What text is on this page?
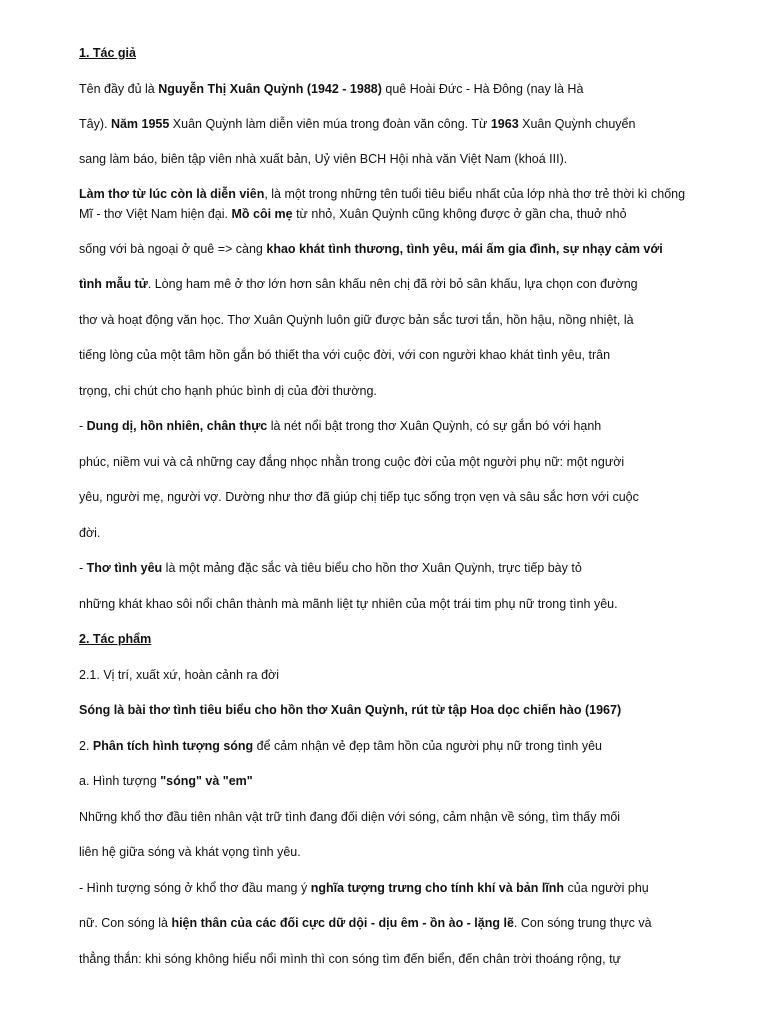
1. Tác giả
Tên đầy đủ là Nguyễn Thị Xuân Quỳnh (1942 - 1988) quê Hoài Đức - Hà Đông (nay là Hà
Tây). Năm 1955 Xuân Quỳnh làm diễn viên múa trong đoàn văn công. Từ 1963 Xuân Quỳnh chuyển
sang làm báo, biên tập viên nhà xuất bản, Uỷ viên BCH Hội nhà văn Việt Nam (khoá III).
Làm thơ từ lúc còn là diễn viên, là một trong những tên tuổi tiêu biểu nhất của lớp nhà thơ trẻ thời kì chống
Mĩ - thơ Việt Nam hiện đại. Mồ côi mẹ từ nhỏ, Xuân Quỳnh cũng không được ở gần cha, thuở nhỏ
sống với bà ngoại ở quê => càng khao khát tình thương, tình yêu, mái ấm gia đình, sự nhạy cảm với
tình mẫu tử. Lòng ham mê ở thơ lớn hơn sân khấu nên chị đã rời bỏ sân khấu, lựa chọn con đường
thơ và hoạt động văn học. Thơ Xuân Quỳnh luôn giữ được bản sắc tươi tắn, hồn hậu, nồng nhiệt, là
tiếng lòng của một tâm hồn gắn bó thiết tha với cuộc đời, với con người khao khát tình yêu, trân
trọng, chi chút cho hạnh phúc bình dị của đời thường.
- Dung dị, hồn nhiên, chân thực là nét nổi bật trong thơ Xuân Quỳnh, có sự gắn bó với hạnh
phúc, niềm vui và cả những cay đắng nhọc nhằn trong cuộc đời của một người phụ nữ: một người
yêu, người mẹ, người vợ. Dường như thơ đã giúp chị tiếp tục sống trọn vẹn và sâu sắc hơn với cuộc
đời.
- Thơ tình yêu là một mảng đặc sắc và tiêu biểu cho hồn thơ Xuân Quỳnh, trực tiếp bày tỏ
những khát khao sôi nổi chân thành mà mãnh liệt tự nhiên của một trái tim phụ nữ trong tình yêu.
2. Tác phẩm
2.1. Vị trí, xuất xứ, hoàn cảnh ra đời
Sóng là bài thơ tình tiêu biểu cho hồn thơ Xuân Quỳnh, rút từ tập Hoa dọc chiến hào (1967)
2. Phân tích hình tượng sóng để cảm nhận vẻ đẹp tâm hồn của người phụ nữ trong tình yêu
a. Hình tượng "sóng" và "em"
Những khổ thơ đầu tiên nhân vật trữ tình đang đối diện với sóng, cảm nhận về sóng, tìm thấy mối
liên hệ giữa sóng và khát vọng tình yêu.
- Hình tượng sóng ở khổ thơ đầu mang ý nghĩa tượng trưng cho tính khí và bản lĩnh của người phụ
nữ. Con sóng là hiện thân của các đối cực dữ dội - dịu êm - ồn ào - lặng lẽ. Con sóng trung thực và
thẳng thắn: khi sóng không hiểu nổi mình thì con sóng tìm đến biển, đến chân trời thoáng rộng, tự
